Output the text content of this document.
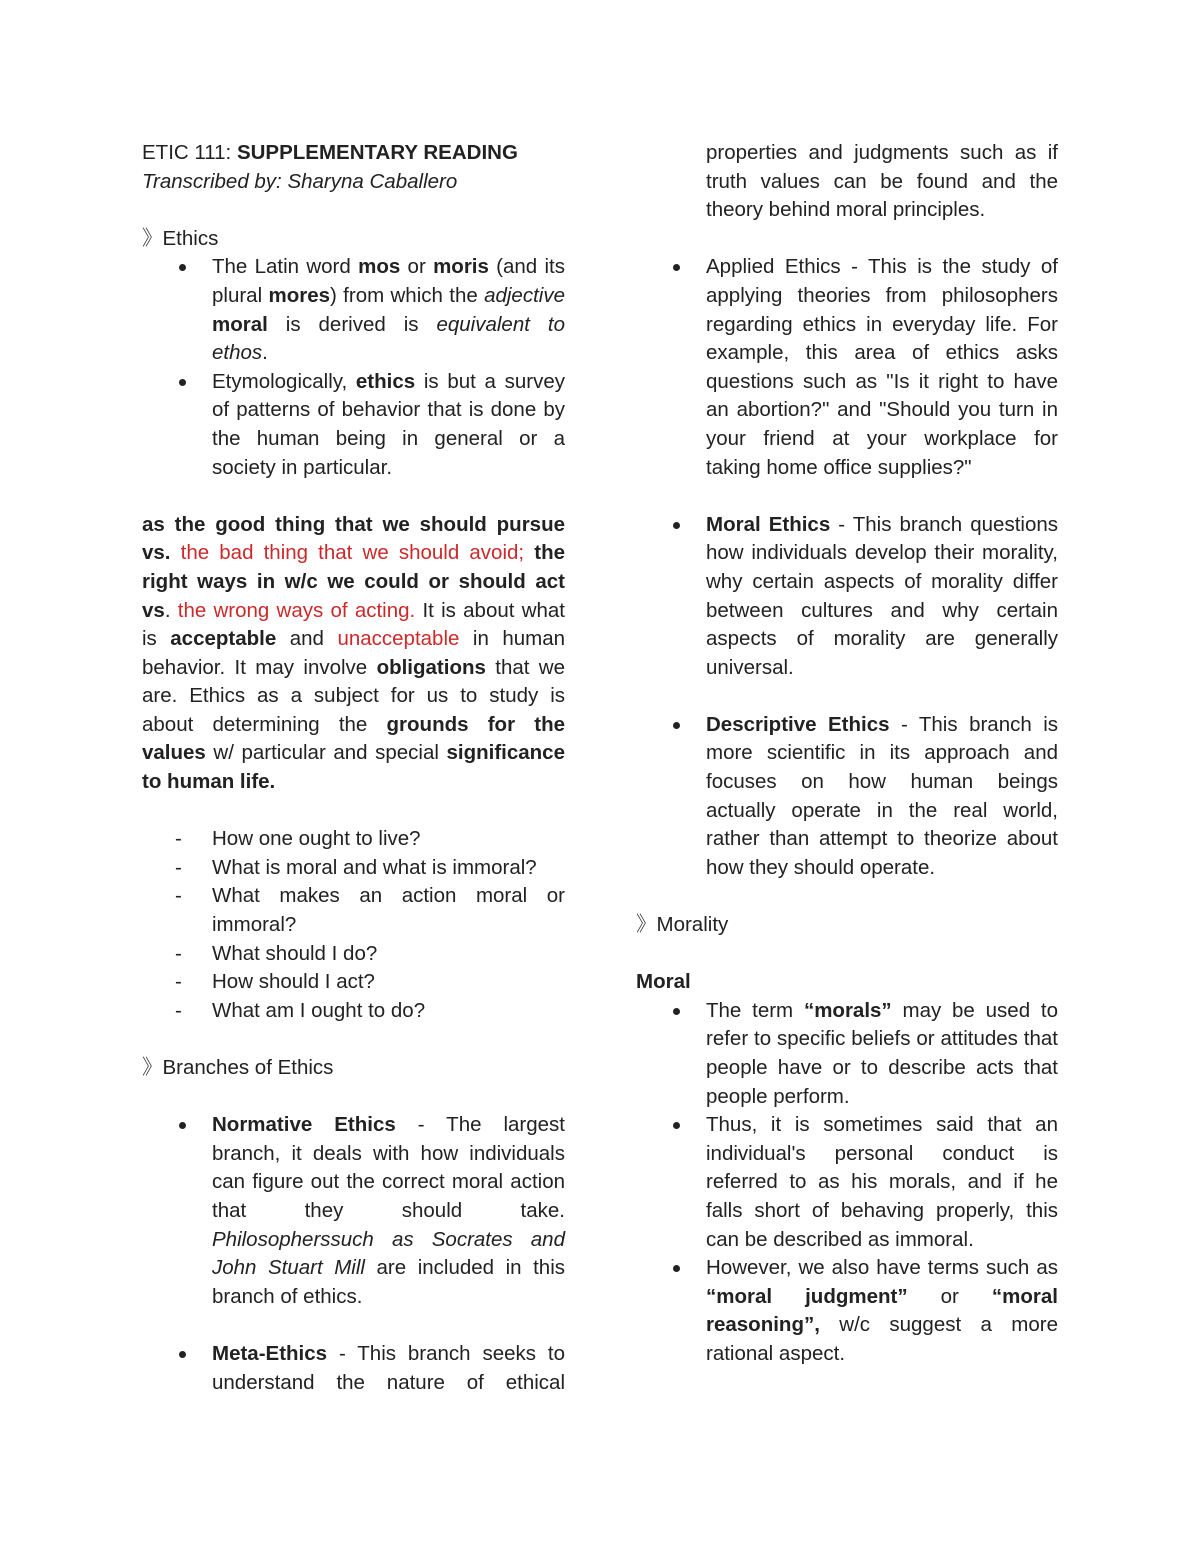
ETIC 111: SUPPLEMENTARY READING

Transcribed by: Sharyna Caballero

》Ethics

The Latin word mos or moris (and its plural mores) from which the adjective moral is derived is equivalent to ethos.
Etymologically, ethics is but a survey of patterns of behavior that is done by the human being in general or a society in particular.

as the good thing that we should pursue vs. the bad thing that we should avoid; the right ways in w/c we could or should act vs. the wrong ways of acting. It is about what is acceptable and unacceptable in human behavior. It may involve obligations that we are. Ethics as a subject for us to study is about determining the grounds for the values w/ particular and special significance to human life.

- How one ought to live?
- What is moral and what is immoral?
- What makes an action moral or immoral?
- What should I do?
- How should I act?
- What am I ought to do?

》Branches of Ethics

Normative Ethics - The largest branch, it deals with how individuals can figure out the correct moral action that they should take. Philosopherssuch as Socrates and John Stuart Mill are included in this branch of ethics.
Meta-Ethics - This branch seeks to understand the nature of ethical
properties and judgments such as if truth values can be found and the theory behind moral principles.
Applied Ethics - This is the study of applying theories from philosophers regarding ethics in everyday life. For example, this area of ethics asks questions such as "Is it right to have an abortion?" and "Should you turn in your friend at your workplace for taking home office supplies?"
Moral Ethics - This branch questions how individuals develop their morality, why certain aspects of morality differ between cultures and why certain aspects of morality are generally universal.
Descriptive Ethics - This branch is more scientific in its approach and focuses on how human beings actually operate in the real world, rather than attempt to theorize about how they should operate.

》Morality

Moral

The term “morals” may be used to refer to specific beliefs or attitudes that people have or to describe acts that people perform.
Thus, it is sometimes said that an individual's personal conduct is referred to as his morals, and if he falls short of behaving properly, this can be described as immoral.
However, we also have terms such as “moral judgment” or “moral reasoning”, w/c suggest a more rational aspect.
